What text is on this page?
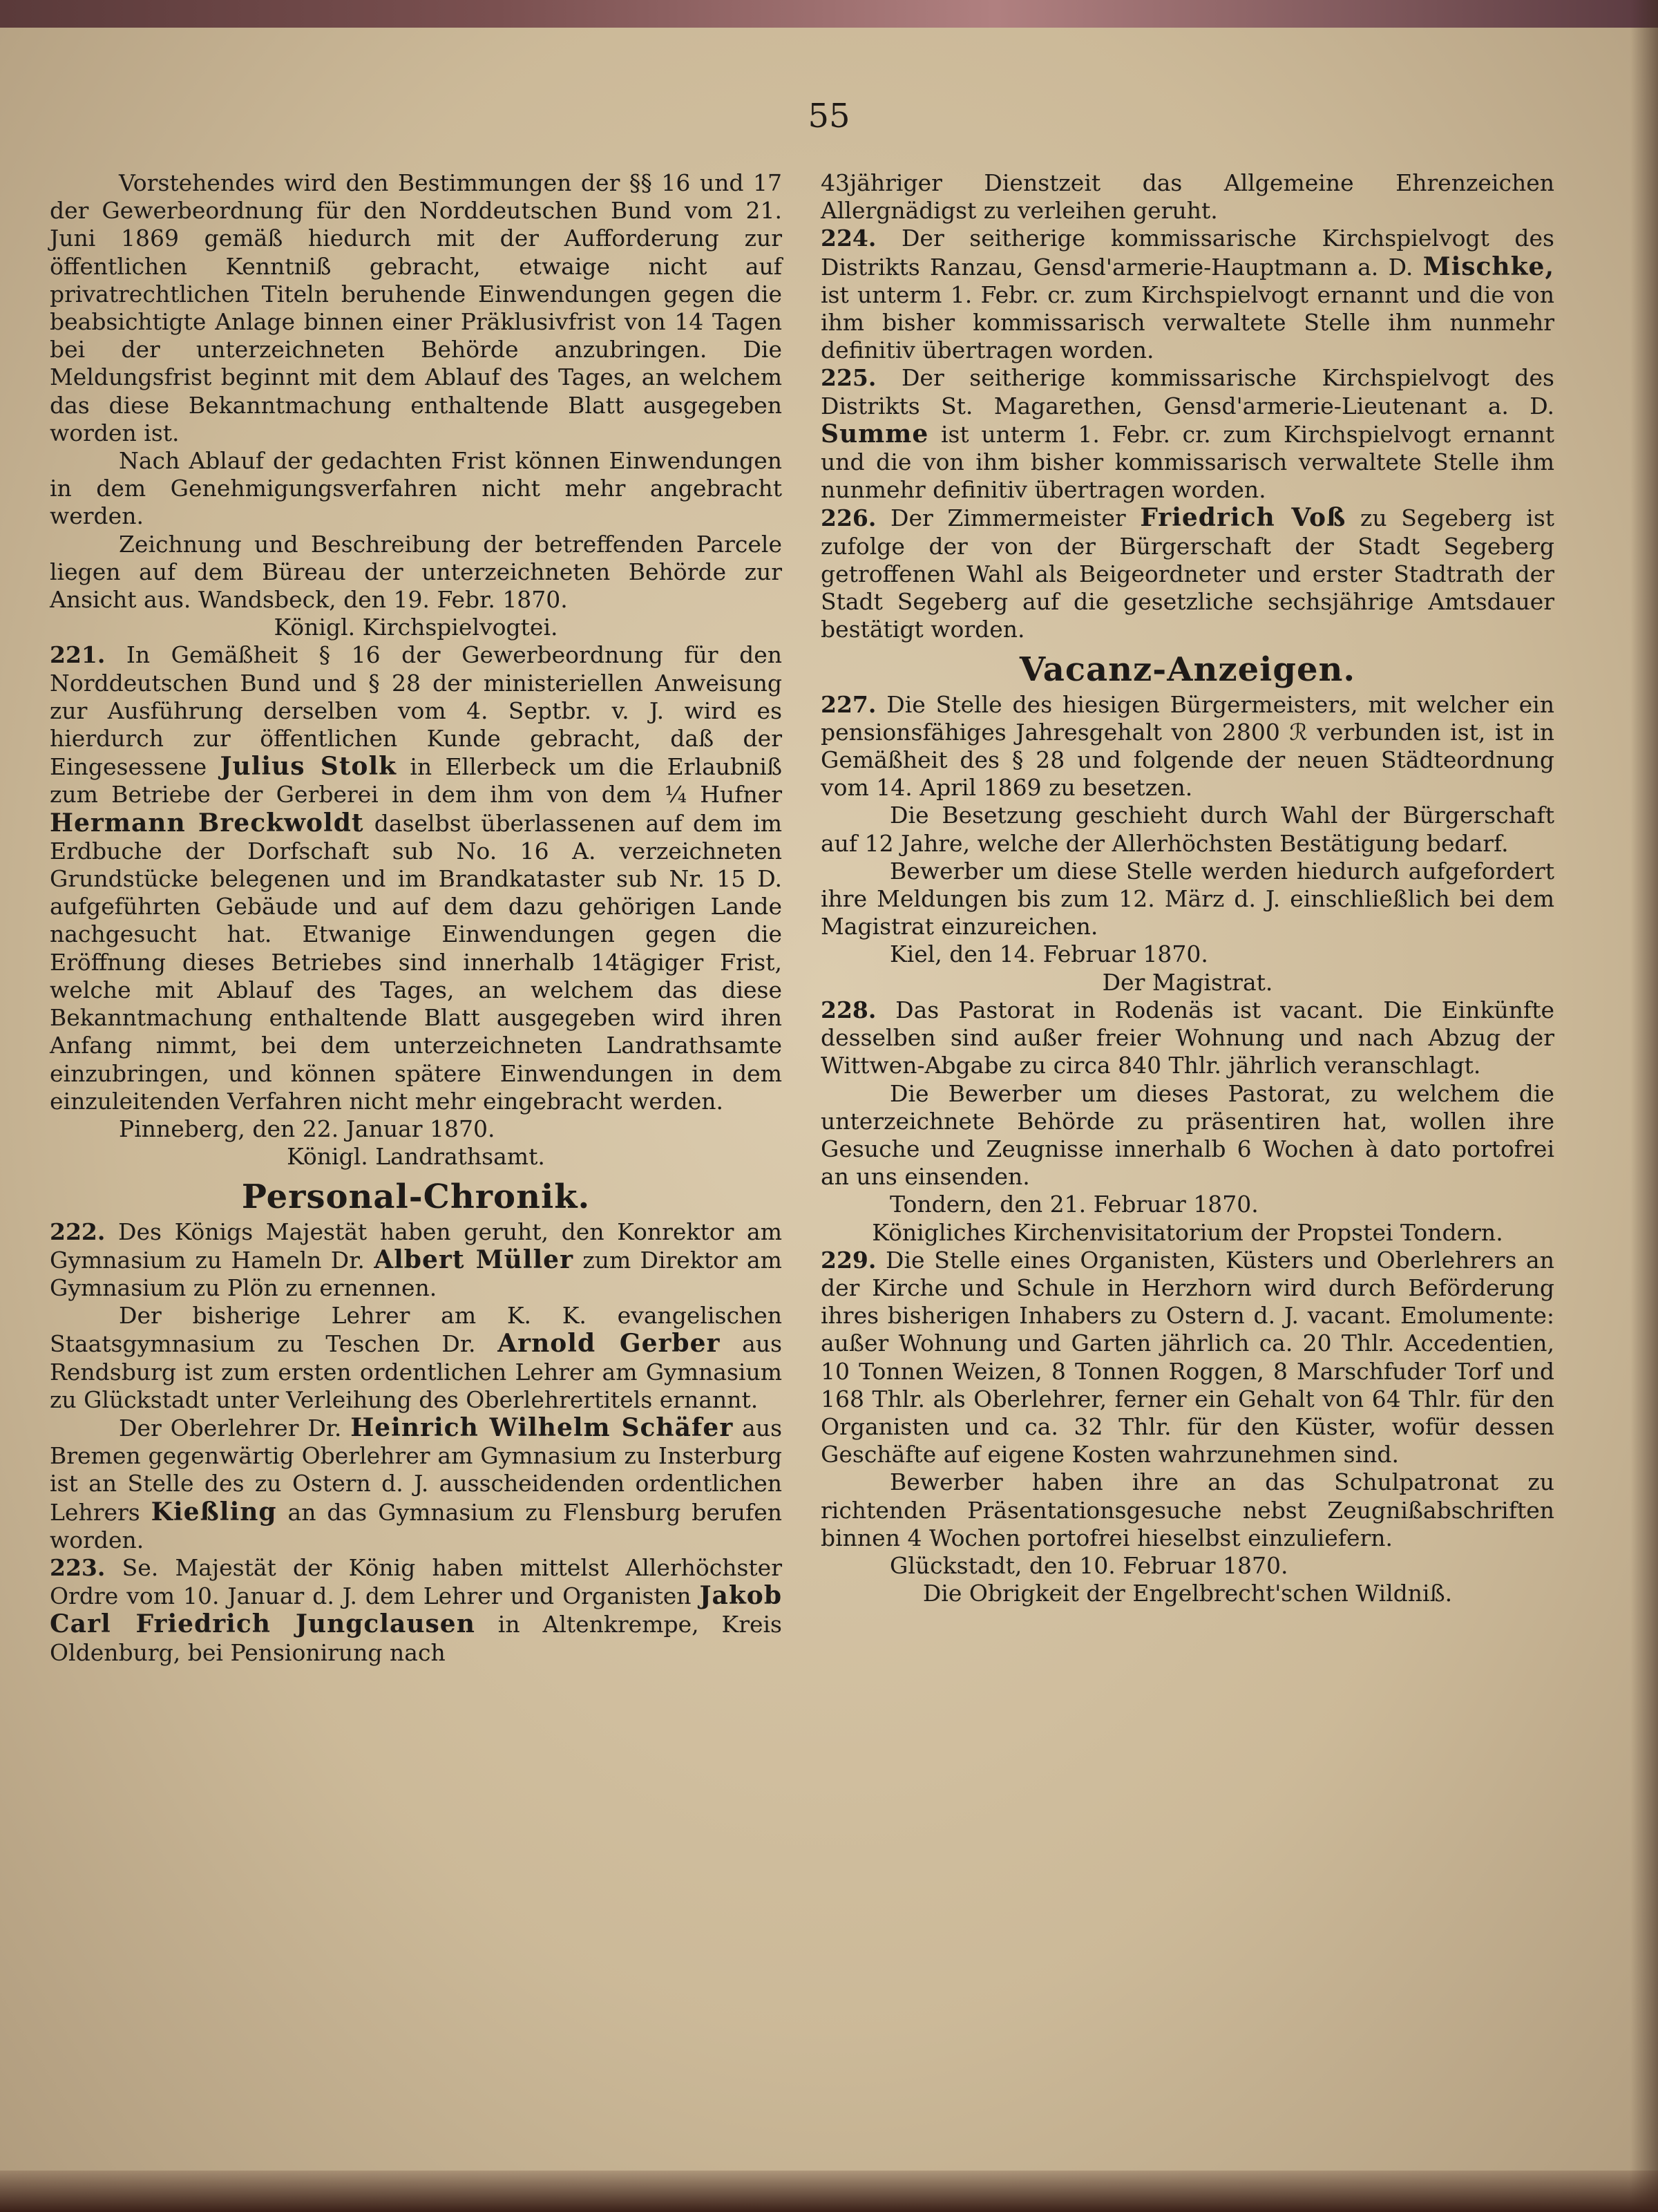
55

Vorstehendes wird den Bestimmungen der §§ 16 und 17 der Gewerbeordnung für den Norddeutschen Bund vom 21. Juni 1869 gemäß hiedurch mit der Aufforderung zur öffentlichen Kenntniß gebracht, etwaige nicht auf privatrechtlichen Titeln beruhende Einwendungen gegen die beabsichtigte Anlage binnen einer Präklusivfrist von 14 Tagen bei der unterzeichneten Behörde anzubringen. Die Meldungsfrist beginnt mit dem Ablauf des Tages, an welchem das diese Bekanntmachung enthaltende Blatt ausgegeben worden ist.

Nach Ablauf der gedachten Frist können Einwendungen in dem Genehmigungsverfahren nicht mehr angebracht werden.

Zeichnung und Beschreibung der betreffenden Parcele liegen auf dem Büreau der unterzeichneten Behörde zur Ansicht aus. Wandsbeck, den 19. Febr. 1870.

Königl. Kirchspielvogtei.

221. In Gemäßheit § 16 der Gewerbeordnung für den Norddeutschen Bund und § 28 der ministeriellen Anweisung zur Ausführung derselben vom 4. Septbr. v. J. wird es hierdurch zur öffentlichen Kunde gebracht, daß der Eingesessene Julius Stolk in Ellerbeck um die Erlaubniß zum Betriebe der Gerberei in dem ihm von dem ¼ Hufner Hermann Breckwoldt daselbst überlassenen auf dem im Erdbuche der Dorfschaft sub No. 16 A. verzeichneten Grundstücke belegenen und im Brandkataster sub Nr. 15 D. aufgeführten Gebäude und auf dem dazu gehörigen Lande nachgesucht hat. Etwanige Einwendungen gegen die Eröffnung dieses Betriebes sind innerhalb 14tägiger Frist, welche mit Ablauf des Tages, an welchem das diese Bekanntmachung enthaltende Blatt ausgegeben wird ihren Anfang nimmt, bei dem unterzeichneten Landrathsamte einzubringen, und können spätere Einwendungen in dem einzuleitenden Verfahren nicht mehr eingebracht werden.

Pinneberg, den 22. Januar 1870.

Königl. Landrathsamt.

Personal-Chronik.

222. Des Königs Majestät haben geruht, den Konrektor am Gymnasium zu Hameln Dr. Albert Müller zum Direktor am Gymnasium zu Plön zu ernennen.

Der bisherige Lehrer am K. K. evangelischen Staatsgymnasium zu Teschen Dr. Arnold Gerber aus Rendsburg ist zum ersten ordentlichen Lehrer am Gymnasium zu Glückstadt unter Verleihung des Oberlehrertitels ernannt.

Der Oberlehrer Dr. Heinrich Wilhelm Schäfer aus Bremen gegenwärtig Oberlehrer am Gymnasium zu Insterburg ist an Stelle des zu Ostern d. J. ausscheidenden ordentlichen Lehrers Kießling an das Gymnasium zu Flensburg berufen worden.

223. Se. Majestät der König haben mittelst Allerhöchster Ordre vom 10. Januar d. J. dem Lehrer und Organisten Jakob Carl Friedrich Jungclausen in Altenkrempe, Kreis Oldenburg, bei Pensionirung nach

43jähriger Dienstzeit das Allgemeine Ehrenzeichen Allergnädigst zu verleihen geruht.

224. Der seitherige kommissarische Kirchspielvogt des Distrikts Ranzau, Gensd'armerie-Hauptmann a. D. Mischke, ist unterm 1. Febr. cr. zum Kirchspielvogt ernannt und die von ihm bisher kommissarisch verwaltete Stelle ihm nunmehr definitiv übertragen worden.

225. Der seitherige kommissarische Kirchspielvogt des Distrikts St. Magarethen, Gensd'armerie-Lieutenant a. D. Summe ist unterm 1. Febr. cr. zum Kirchspielvogt ernannt und die von ihm bisher kommissarisch verwaltete Stelle ihm nunmehr definitiv übertragen worden.

226. Der Zimmermeister Friedrich Voß zu Segeberg ist zufolge der von der Bürgerschaft der Stadt Segeberg getroffenen Wahl als Beigeordneter und erster Stadtrath der Stadt Segeberg auf die gesetzliche sechsjährige Amtsdauer bestätigt worden.

Vacanz-Anzeigen.

227. Die Stelle des hiesigen Bürgermeisters, mit welcher ein pensionsfähiges Jahresgehalt von 2800 ℛ verbunden ist, ist in Gemäßheit des § 28 und folgende der neuen Städteordnung vom 14. April 1869 zu besetzen.

Die Besetzung geschieht durch Wahl der Bürgerschaft auf 12 Jahre, welche der Allerhöchsten Bestätigung bedarf.

Bewerber um diese Stelle werden hiedurch aufgefordert ihre Meldungen bis zum 12. März d. J. einschließlich bei dem Magistrat einzureichen.

Kiel, den 14. Februar 1870.

Der Magistrat.

228. Das Pastorat in Rodenäs ist vacant. Die Einkünfte desselben sind außer freier Wohnung und nach Abzug der Wittwen-Abgabe zu circa 840 Thlr. jährlich veranschlagt.

Die Bewerber um dieses Pastorat, zu welchem die unterzeichnete Behörde zu präsentiren hat, wollen ihre Gesuche und Zeugnisse innerhalb 6 Wochen à dato portofrei an uns einsenden.

Tondern, den 21. Februar 1870.

Königliches Kirchenvisitatorium der Propstei Tondern.

229. Die Stelle eines Organisten, Küsters und Oberlehrers an der Kirche und Schule in Herzhorn wird durch Beförderung ihres bisherigen Inhabers zu Ostern d. J. vacant. Emolumente: außer Wohnung und Garten jährlich ca. 20 Thlr. Accedentien, 10 Tonnen Weizen, 8 Tonnen Roggen, 8 Marschfuder Torf und 168 Thlr. als Oberlehrer, ferner ein Gehalt von 64 Thlr. für den Organisten und ca. 32 Thlr. für den Küster, wofür dessen Geschäfte auf eigene Kosten wahrzunehmen sind.

Bewerber haben ihre an das Schulpatronat zu richtenden Präsentationsgesuche nebst Zeugnißabschriften binnen 4 Wochen portofrei hieselbst einzuliefern.

Glückstadt, den 10. Februar 1870.

Die Obrigkeit der Engelbrecht'schen Wildniß.
